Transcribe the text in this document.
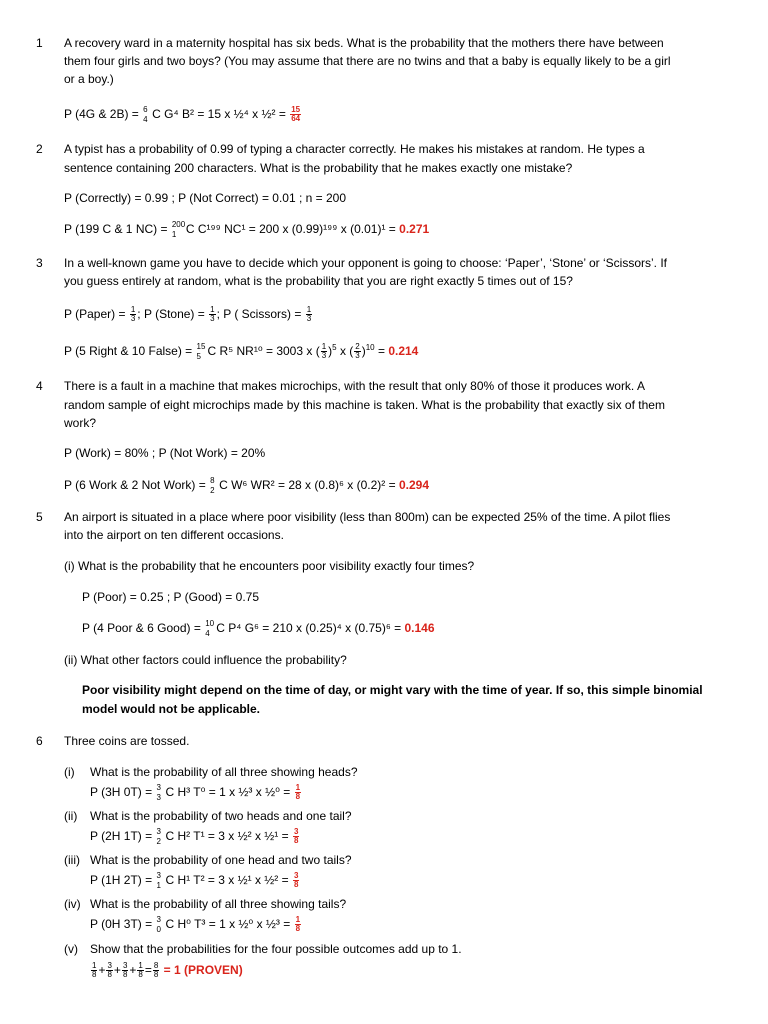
1 A recovery ward in a maternity hospital has six beds. What is the probability that the mothers there have between
them four girls and two boys? (You may assume that there are no twins and that a baby is equally likely to be a girl
or a boy.)
P (4G & 2B) = 6
4 C G⁴ B² = 15 x ½⁴ x ½² = $\frac{15}{64}$
2 A typist has a probability of 0.99 of typing a character correctly. He makes his mistakes at random. He types a
sentence containing 200 characters. What is the probability that he makes exactly one mistake?
P (Correctly) = 0.99 ; P (Not Correct) = 0.01 ; n = 200
P (199 C & 1 NC) = 200
1 C C¹⁹⁹ NC¹ = 200 x (0.99)¹⁹⁹ x (0.01)¹ = 0.271
3 In a well-known game you have to decide which your opponent is going to choose: ‘Paper’, ‘Stone’ or ‘Scissors’. If
you guess entirely at random, what is the probability that you are right exactly 5 times out of 15?
P (Paper) = $\frac{1}{3}$ ; P (Stone) = $\frac{1}{3}$ ; P ( Scissors) = $\frac{1}{3}$
P (5 Right & 10 False) = 15
5 C R⁵ NR¹⁰ = 3003 x ( $\frac{1}{3} )^5$ x ( $\frac{2}{3} )^{10} = 0.214$
4 There is a fault in a machine that makes microchips, with the result that only 80% of those it produces work. A
random sample of eight microchips made by this machine is taken. What is the probability that exactly six of them
work?
P (Work) = 80% ; P (Not Work) = 20%
P (6 Work & 2 Not Work) = 8
2 C W⁶ WR² = 28 x (0.8)⁶ x (0.2)² = 0.294
5 An airport is situated in a place where poor visibility (less than 800m) can be expected 25% of the time. A pilot flies
into the airport on ten different occasions.
(i) What is the probability that he encounters poor visibility exactly four times?
P (Poor) = 0.25 ; P (Good) = 0.75
P (4 Poor & 6 Good) = 10
4 C P⁴ G⁶ = 210 x (0.25)⁴ x (0.75)⁶ = 0.146
(ii) What other factors could influence the probability?
Poor visibility might depend on the time of day, or might vary with the time of year. If so, this simple binomial
model would not be applicable.
6 Three coins are tossed.
(i) What is the probability of all three showing heads?
P (3H 0T) = 3
3 C H³ T⁰ = 1 x ½³ x ½⁰ = $\frac{1}{8}$
(ii) What is the probability of two heads and one tail?
P (2H 1T) = 3
2 C H² T¹ = 3 x ½² x ½¹ = $\frac{3}{8}$
(iii) What is the probability of one head and two tails?
P (1H 2T) = 3
1 C H¹ T² = 3 x ½¹ x ½² = $\frac{3}{8}$
(iv) What is the probability of all three showing tails?
P (0H 3T) = 3
0 C H⁰ T³ = 1 x ½⁰ x ½³ = $\frac{1}{8}$
(v) Show that the probabilities for the four possible outcomes add up to 1.
$\frac{1}{8} + \frac{3}{8} + \frac{3}{8} + \frac{1}{8} = \frac{8}{8} = 1$ (PROVEN)
